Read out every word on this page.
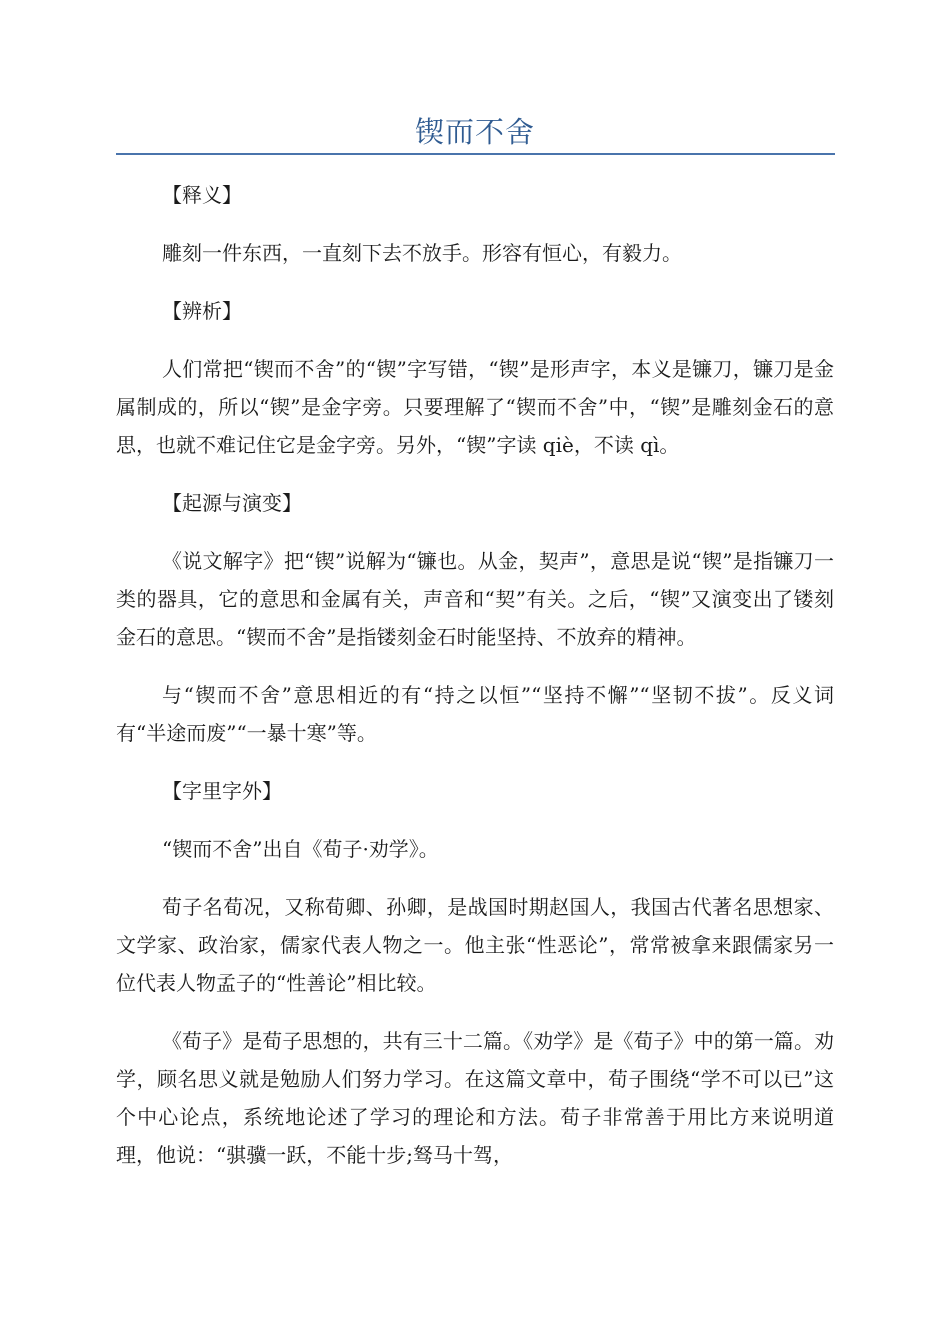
锲而不舍

【释义】

雕刻一件东西，一直刻下去不放手。形容有恒心，有毅力。

【辨析】

人们常把“锲而不舍”的“锲”字写错，“锲”是形声字，本义是镰刀，镰刀是金属制成的，所以“锲”是金字旁。只要理解了“锲而不舍”中，“锲”是雕刻金石的意思，也就不难记住它是金字旁。另外，“锲”字读 qiè，不读 qì。

【起源与演变】

《说文解字》把“锲”说解为“镰也。从金，契声”，意思是说“锲”是指镰刀一类的器具，它的意思和金属有关，声音和“契”有关。之后，“锲”又演变出了镂刻金石的意思。“锲而不舍”是指镂刻金石时能坚持、不放弃的精神。

与“锲而不舍”意思相近的有“持之以恒”“坚持不懈”“坚韧不拔”。反义词有“半途而废”“一暴十寒”等。

【字里字外】

“锲而不舍”出自《荀子·劝学》。

荀子名荀况，又称荀卿、孙卿，是战国时期赵国人，我国古代著名思想家、文学家、政治家，儒家代表人物之一。他主张“性恶论”，常常被拿来跟儒家另一位代表人物孟子的“性善论”相比较。

《荀子》是荀子思想的，共有三十二篇。《劝学》是《荀子》中的第一篇。劝学，顾名思义就是勉励人们努力学习。在这篇文章中，荀子围绕“学不可以已”这个中心论点，系统地论述了学习的理论和方法。荀子非常善于用比方来说明道理，他说：“骐骥一跃，不能十步;驽马十驾，
